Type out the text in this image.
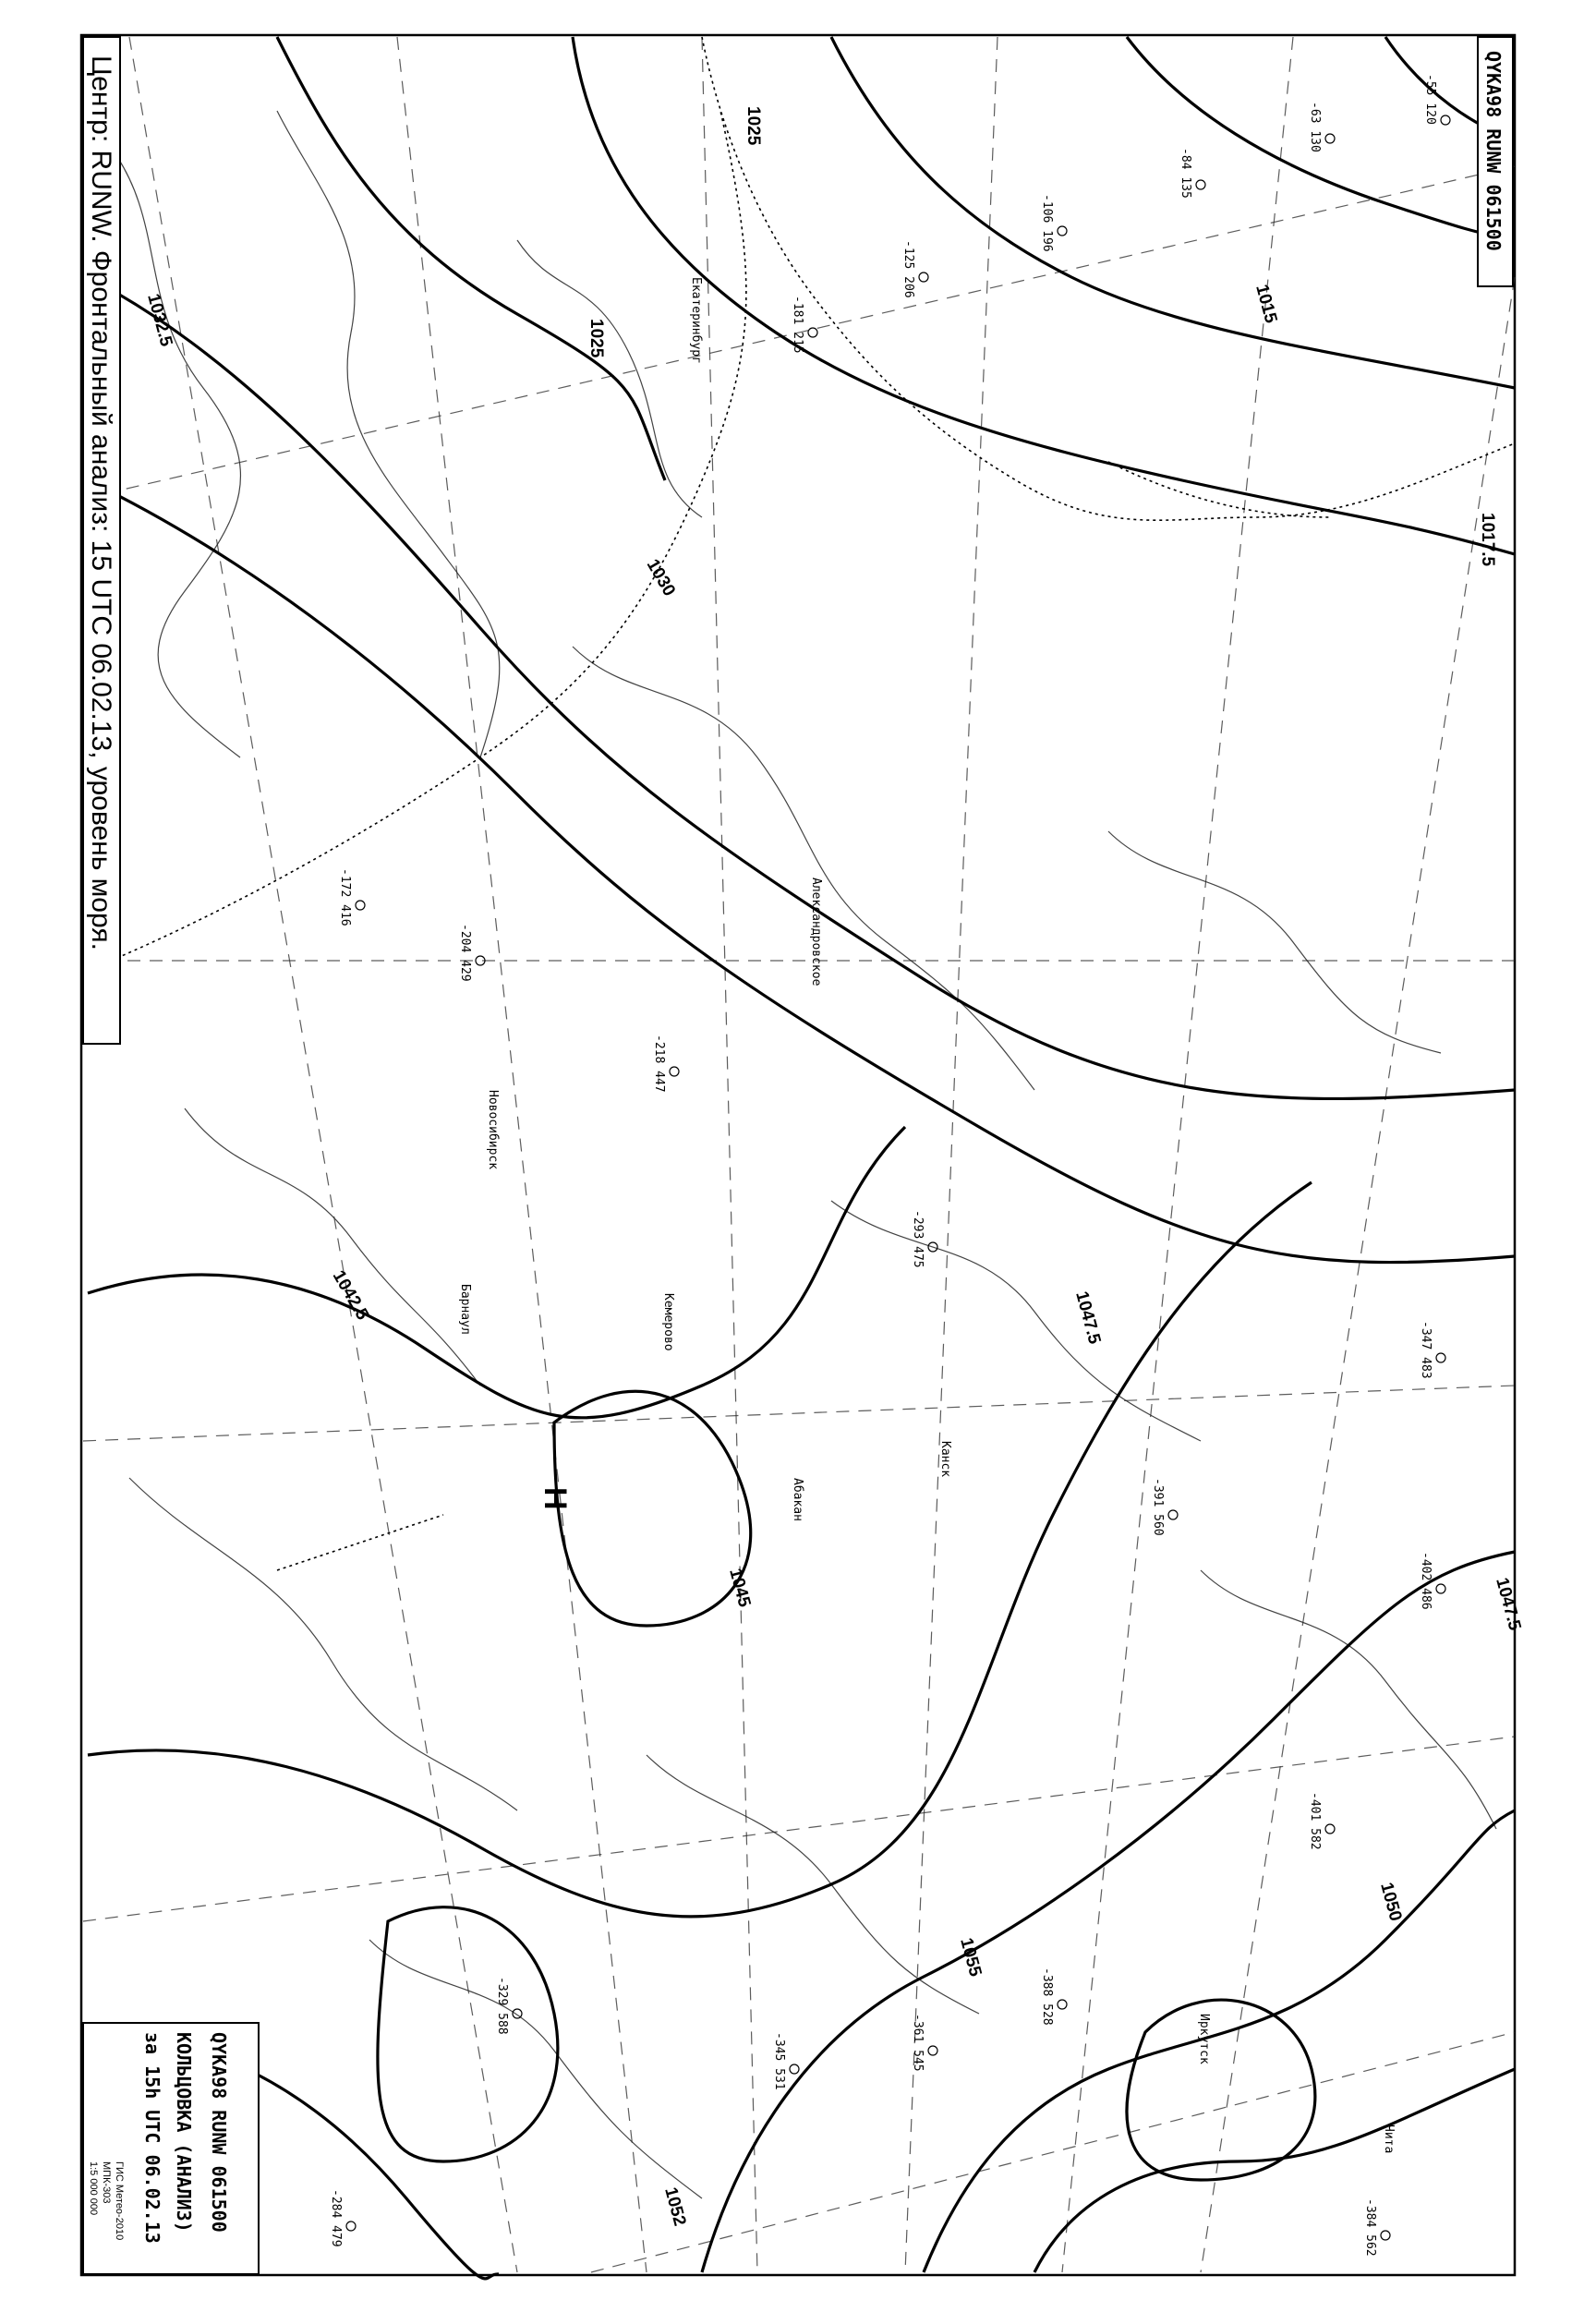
1025
1025
1030
1032.5	1015
1017.5
1042.5
1045
1047.5
1047.5
1050
1052
1055
H
Екатеринбург
Александровское
Барнаул
Новосибирск
Кемерово
Абакан
Канск
Иркутск
Чита
-55 120
-63 130
-84 135
-106 196
-125 206
-181 215
-172 416
-204 429
-218 447
-293 475
-347 483
-391 560
-401 582
-388 528
-361 545
-329 588
-284 479
-345 531
-402 486
-384 562
Центр: RUNW. Фронтальный анализ: 15 UTC 06.02.13, уровень моря.	QYKA98 RUNW 061500
QYKA98 RUNW 061500
КОЛЬЦОВКА (АНАЛИЗ)
за 15h UTC 06.02.13
ГИС Метео-2010
МПК-303
1:5 000 000
